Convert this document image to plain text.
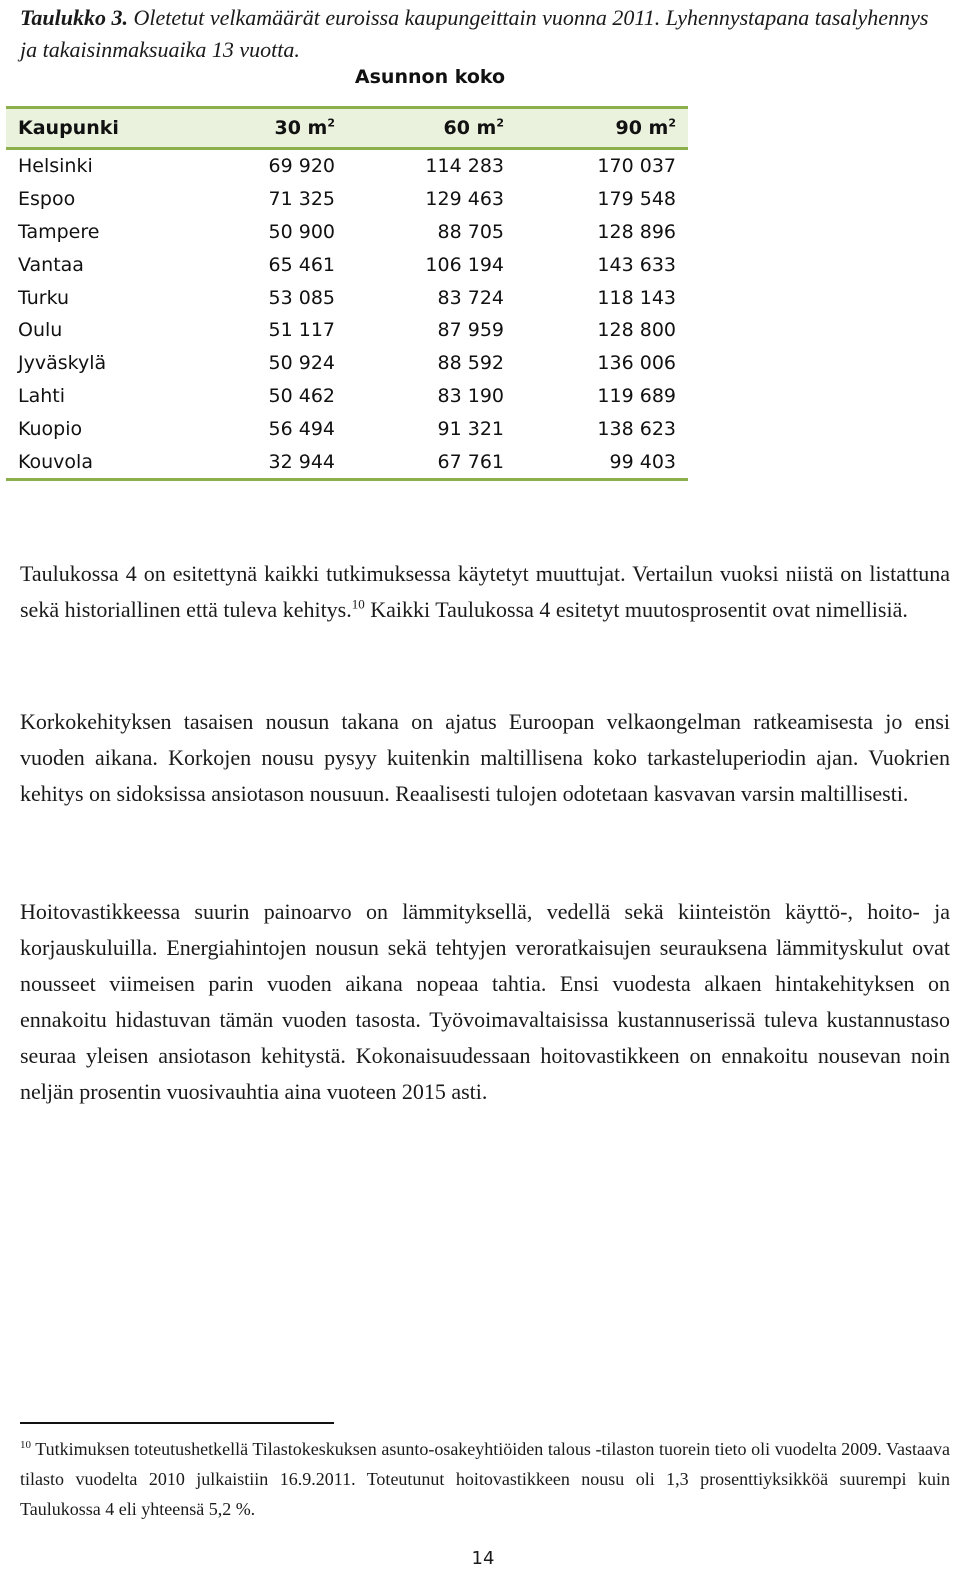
Taulukko 3. Oletetut velkamäärät euroissa kaupungeittain vuonna 2011. Lyhennystapana tasalyhennys ja takaisinmaksuaika 13 vuotta.
Asunnon koko
Kaupunki	30 $m^2$	60 $m^2$	90 $m^2$
Helsinki	69 920	114 283	170 037
Espoo	71 325	129 463	179 548
Tampere	50 900	88 705	128 896
Vantaa	65 461	106 194	143 633
Turku	53 085	83 724	118 143
Oulu	51 117	87 959	128 800
Jyväskylä	50 924	88 592	136 006
Lahti	50 462	83 190	119 689
Kuopio	56 494	91 321	138 623
Kouvola	32 944	67 761	99 403

Taulukossa 4 on esitettynä kaikki tutkimuksessa käytetyt muuttujat. Vertailun vuoksi niistä on listattuna sekä historiallinen että tuleva kehitys.$^{10}$ Kaikki Taulukossa 4 esitetyt muutosprosentit ovat nimellisiä.

Korkokehityksen tasaisen nousun takana on ajatus Euroopan velkaongelman ratkeamisesta jo ensi vuoden aikana. Korkojen nousu pysyy kuitenkin maltillisena koko tarkasteluperiodin ajan. Vuokrien kehitys on sidoksissa ansiotason nousuun. Reaalisesti tulojen odotetaan kasvavan varsin maltillisesti.

Hoitovastikkeessa suurin painoarvo on lämmityksellä, vedellä sekä kiinteistön käyttö-, hoito- ja korjauskuluilla. Energiahintojen nousun sekä tehtyjen veroratkaisujen seurauksena lämmityskulut ovat nousseet viimeisen parin vuoden aikana nopeaa tahtia. Ensi vuodesta alkaen hintakehityksen on ennakoitu hidastuvan tämän vuoden tasosta. Työvoimavaltaisissa kustannuserissä tuleva kustannustaso seuraa yleisen ansiotason kehitystä. Kokonaisuudessaan hoitovastikkeen on ennakoitu nousevan noin neljän prosentin vuosivauhtia aina vuoteen 2015 asti.

$^{10}$ Tutkimuksen toteutushetkellä Tilastokeskuksen asunto-osakeyhtiöiden talous -tilaston tuorein tieto oli vuodelta 2009. Vastaava tilasto vuodelta 2010 julkaistiin 16.9.2011. Toteutunut hoitovastikkeen nousu oli 1,3 prosenttiyksikköä suurempi kuin Taulukossa 4 eli yhteensä 5,2 %.
14
